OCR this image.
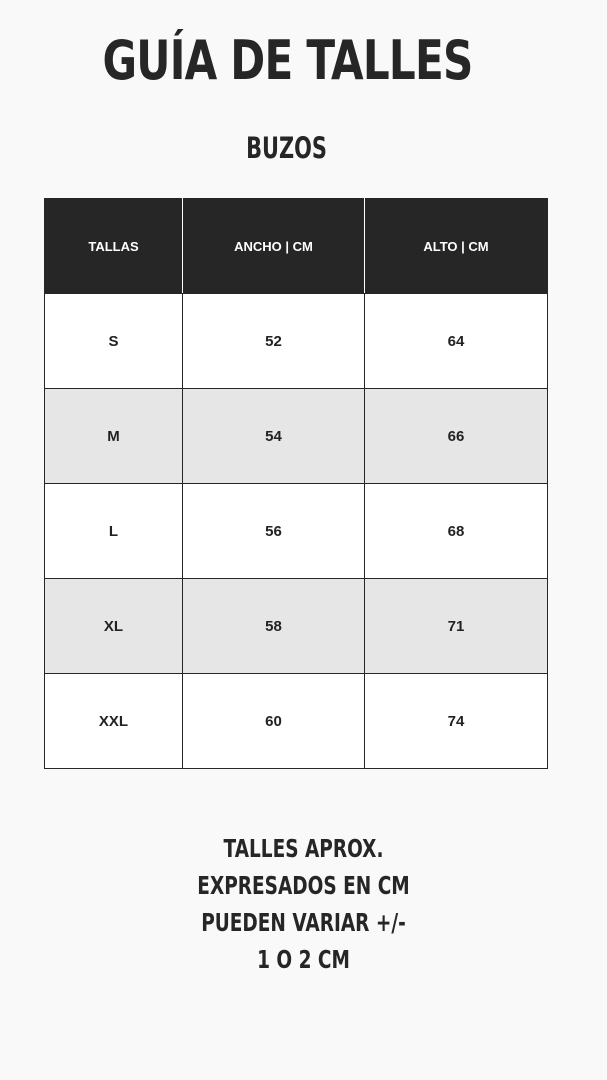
GUÍA DE TALLES
BUZOS
TALLAS	ANCHO | CM	ALTO | CM
S	52	64
M	54	66
L	56	68
XL	58	71
XXL	60	74
TALLES APROX.
EXPRESADOS EN CM
PUEDEN VARIAR +/-
1 O 2 CM
